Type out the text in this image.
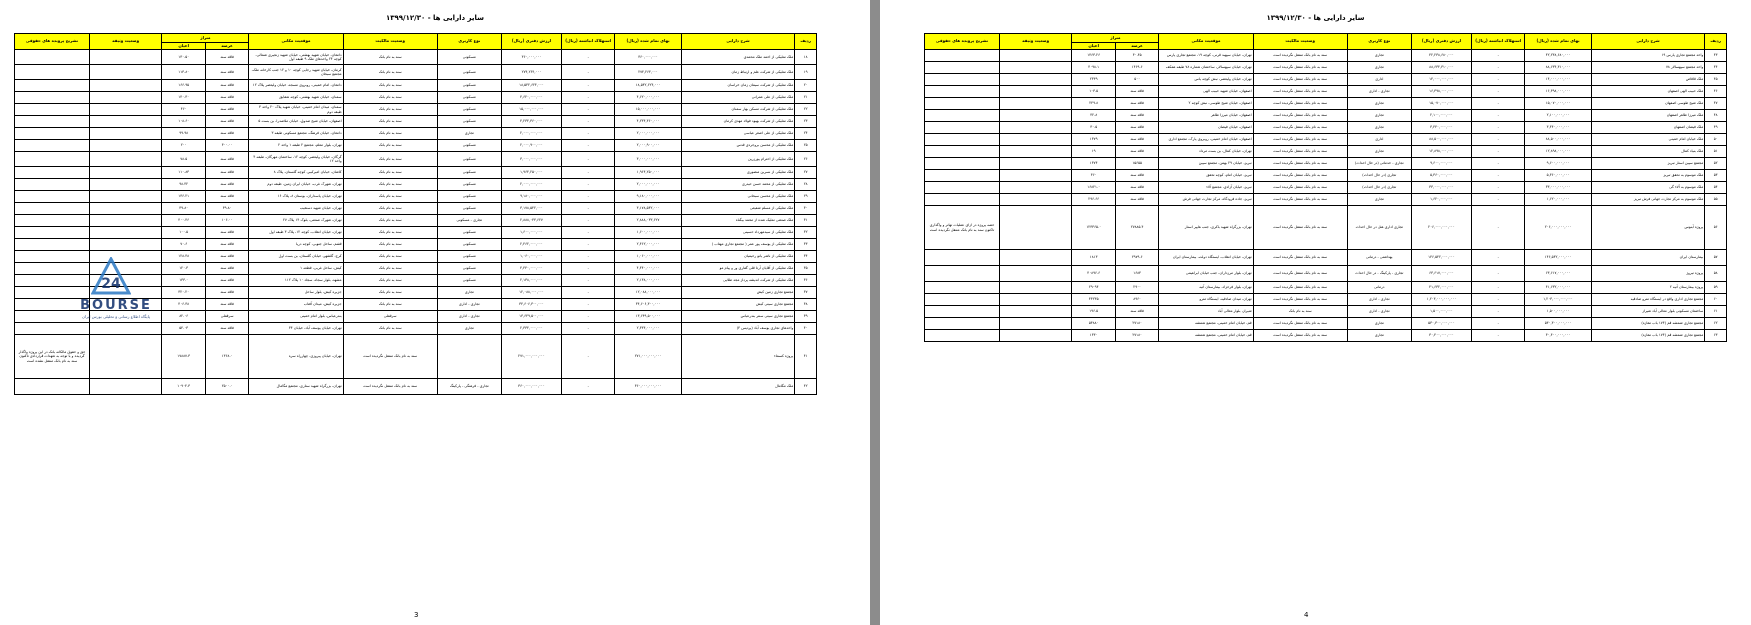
سایر دارایی ها - ۱۳۹۹/۱۲/۳۰
ردیف	شرح دارایی	بهای تمام شده (ریال)	استهلاک انباشته (ریال)	ارزش دفتری (ریال)	نوع کاربری	وضعیت مالکیت	موقعیت مکانی	متراژ		وضعیت وثیقه	تشریح پرونده های حقوقی
								عرصه	اعیان		
۱۸	ملک تملیکی از احمد ملک محمدی	۳۶۰,۰۰۰,۰۰۰	-	۳۶۰,۰۰۰,۰۰۰	مسکونی	سند به نام بانک	دامغان، خیابان شهید بهشتی، خیابان شهید زنجیری شمالی، کوچه ۲۴ واحدهای ملک ۹ طبقه اول	فاقد سند	۱۳۰.۵۰		
۱۹	ملک تملیکی از شرکت علم و ارتباط زمان	۲۷۴,۲۶۴,۰۰۰	-	۲۷۴,۲۶۴,۰۰۰	مسکونی	سند به نام بانک	کرمان، خیابان شهید رجایی کوچه ۱۰ و ۱۲ جنب کارخانه ملک، مجتمع سبحان	فاقد سند	۱۱۳.۸۰		
۲۰	ملک تملیکی از شرکت سیمان زمان خراسان	۱۸,۵۴۲,۶۲۴,۰۰۰	-	۱۸,۵۴۲,۶۲۴,۰۰۰	مسکونی	سند به نام بانک	دامغان، امام خمینی، روبروی مسجد، خیابان ولیعصر پلاک ۱۲	فاقد سند	۱۶۶.۹۵		
۲۱	ملک تملیکی از علی عمرانی	۴,۶۲۰,۰۰۰,۰۰۰	-	۴,۶۲۰,۰۰۰,۰۰۰	مسکونی	سند به نام بانک	سمنان، خیابان شهید بهشتی، کوچه شقایق	فاقد سند	۱۴۰.۳۰		
۲۲	ملک تملیکی از شرکت مسکن بهار سمنان	۱۵,۰۰۰,۰۰۰,۰۰۰	-	۱۵,۰۰۰,۰۰۰,۰۰۰	مسکونی	سند به نام بانک	سمنان، میدان امام خمینی، خیابان شهید پلاک ۲۰ واحد ۳ طبقه دوم	فاقد سند	۴۶۰		
۲۳	ملک تملیکی از شرکت بهبود فولاد مهدی کرمان	۴,۲۳۴,۳۶۰,۰۰۰	-	۴,۲۳۴,۳۶۰,۰۰۰	مسکونی	سند به نام بانک	اصفهان، خیابان شیخ صدوق، خیابان ملاصدرا، بن بست ۵	فاقد سند	۱۰۸.۶۰		
۲۴	ملک تملیکی از علی اصغر عباسی	۲,۰۰۰,۰۰۰,۰۰۰	-	۲,۰۰۰,۰۰۰,۰۰۰	تجاری	سند به نام بانک	دامغان، خیابان فرهنگ، مجتمع مسکونی طبقه ۳	فاقد سند	۹۹.۹۸		
۲۵	ملک تملیکی از محسن بروجردی قدس	۲,۰۰۰,۹۰۰,۰۰۰	-	۲,۰۰۰,۹۰۰,۰۰۰	مسکونی	سند به نام بانک	تهران، بلوار معلم، مجتمع ۲ طبقه ۱ واحد ۲	۳۰۰.۰۰	۲۰۰		
۲۶	ملک تملیکی از احترام پورزرین	۳,۰۰۰,۰۰۰,۰۰۰	-	۳,۰۰۰,۰۰۰,۰۰۰	مسکونی	سند به نام بانک	گرگان، خیابان ولیعصر، کوچه ۱۲، ساختمان مهرگان، طبقه ۴ واحد ۱۲	فاقد سند	۷۸.۵		
۲۷	ملک تملیکی از نسرین منصوری	۱,۹۶۴,۲۵۰,۰۰۰	-	۱,۹۶۴,۲۵۰,۰۰۰	مسکونی	سند به نام بانک	کاشان، خیابان امیرکبیر، کوچه گلستان، پلاک ۸	فاقد سند	۱۱۰.۸۳		
۲۸	ملک تملیکی از محمد حسن حیدری	۲,۰۰۰,۰۰۰,۰۰۰	-	۲,۰۰۰,۰۰۰,۰۰۰	مسکونی	سند به نام بانک	تهران، شهرک غرب، خیابان ایران زمین، طبقه دوم	فاقد سند	۹۸.۴۲		
۲۹	ملک تملیکی از محسن سبحانی	۹,۱۸۰,۰۰۰,۰۰۰	-	۹,۱۸۰,۰۰۰,۰۰۰	مسکونی	سند به نام بانک	تهران، خیابان پاسداران، بوستان ۸، پلاک ۱۶	فاقد سند	۱۳۶.۲۱		
۳۰	ملک تملیکی از مسلم شفیعی	۳,۱۷۸,۵۴۲,۰۰۰	-	۳,۱۷۸,۵۴۲,۰۰۰	مسکونی	سند به نام بانک	تهران، خیابان شهید دستغیب	۳۹.۸۰	۳۹.۸۰		
۳۱	ملک صنعتی تملیک شده از محمد بیگناه	۲,۸۸۸,۰۳۳,۶۲۷	-	۲,۸۸۸,۰۳۳,۶۲۷	تجاری - مسکونی	سند به نام بانک	تهران، شهرک صنعتی، بلوک ۱۴ پلاک ۲۷	۱۰۶.۰۰	۴۰۰.۴۶		
۳۲	ملک تملیکی از سیدمهرداد حسینی	۱,۶۰۰,۰۰۰,۰۰۰	-	۱,۶۰۰,۰۰۰,۰۰۰	مسکونی	سند به نام بانک	تهران، خیابان انقلاب، کوچه ۱۲، پلاک ۳ طبقه اول	فاقد سند	۱۰۰.۵		
۳۳	ملک تملیکی از یوسف پور عمر ( مجتمع تجاری مهتاب )	۲,۴۶۲,۰۰۰,۰۰۰	-	۲,۴۶۲,۰۰۰,۰۰۰	مسکونی	سند به نام بانک	قشم، ساحل جنوبی، کوچه دریا	فاقد سند	۷۰.۶		
۳۴	ملک تملیکی از ناشر یانو رحیمیان	۱,۰۶۰,۰۰۰,۰۰۰	-	۱,۰۶۰,۰۰۰,۰۰۰	مسکونی	سند به نام بانک	کرج، گلشهر، خیابان گلستان، بن بست اول	فاقد سند	۱۲۸.۴۸		
۳۵	ملک تملیکی از آقایان آرتا قلی گفاری ور و پیام مو	۴,۴۴۰,۰۰۰,۰۰۰	-	۴,۴۴۰,۰۰۰,۰۰۰	مسکونی	سند به نام بانک	کیش، ساحل غربی، قطعه ۱	فاقد سند	۱۲۰.۳		
۳۶	ملک تملیکی از شرکت اندیشه پرداز مجد طلایی	۲,۱۳۸,۰۰۰,۰۰۰	-	۲,۱۳۸,۰۰۰,۰۰۰	مسکونی	سند به نام بانک	مشهد، بلوار سجاد، سجاد ۱۰ پلاک ۱۱۲	فاقد سند	۱۳۳.۰		
۳۷	مجتمع تجاری زمین کیش	۱۲,۰۸۸,۰۰۰,۰۰۰	-	۱۲,۰۸۸,۰۰۰,۰۰۰	تجاری	سند به نام بانک	جزیره کیش، بلوار ساحل	فاقد سند	۳۲۰.۲۰		
۳۸	مجتمع تجاری سیتی کیش	۳۴,۶۰۶,۳۰۰,۰۰۰	-	۳۴,۶۰۶,۳۰۰,۰۰۰	تجاری - اداری	سند به نام بانک	جزیره کیش، میدان آفتاب	فاقد سند	۴۰۶.۳۸		
۳۹	مجتمع تجاری سیتی سنتر بندرعباس	۱۳,۶۴۹,۵۰۰,۰۰۰	-	۱۳,۶۴۹,۵۰۰,۰۰۰	تجاری - اداری	سرقفلی	بندرعباس، بلوار امام خمینی	سرقفلی	۸۲.۰۶		
۴۰	واحدهای تجاری یوسف آباد (پردیس ۴)	۲,۳۳۴,۰۰۰,۰۰۰	-	۲,۳۳۴,۰۰۰,۰۰۰	تجاری	سند به نام بانک	تهران، خیابان یوسف آباد، خیابان ۳۴	فاقد سند	۵۴.۰۳		
۴۱	پروژه کسماء	۲۷۱,۰۰۰,۰۰۰,۰۰۰	-	۲۷۱,۰۰۰,۰۰۰,۰۰۰		سند به نام بانک منتقل نگردیده است	تهران، خیابان پیروزی، چهارراه سره	۱۳۶۸.۰	۱۷۸۸۷.۳		حق و حقوق مالکانه بانک در این پروژه واگذار گردیده و با توجه به تعهدات قراردادی تاکنون سند به نام بانک منتقل نشده است
۴۲	ملک مگامال	۳۶۰,۰۰۰,۰۰۰,۰۰۰	-	۳۶۰,۰۰۰,۰۰۰,۰۰۰	تجاری - فرهنگی - پارکینگ	سند به نام بانک منتقل نگردیده است	تهران، بزرگراه شهید ستاری، مجتمع مگامال	۲۵۰۰.۰	۱۰۹۰۴.۳		
3
24
BOURSE
پایگاه اطلاع رسانی و تحلیلی بورس ایران
سایر دارایی ها - ۱۳۹۹/۱۲/۳۰
ردیف	شرح دارایی	بهای تمام شده (ریال)	استهلاک انباشته (ریال)	ارزش دفتری (ریال)	نوع کاربری	وضعیت مالکیت	موقعیت مکانی	متراژ		وضعیت وثیقه	تشریح پرونده های حقوقی
								عرصه	اعیان		
۴۳	واحد مجتمع تجاری پارس ۱۹	۴۲,۲۳۸,۶۸۰,۰۰۰	-	۴۲,۲۳۸,۶۸۰,۰۰۰	تجاری	سند به نام بانک منتقل نگردیده است	تهران، خیابان سپهبد قرنی، کوچه ۱۹، مجتمع تجاری پارس	۳۰.۴۵	۱۴۶۳.۲۶		
۴۴	واحد مجتمع سپهسالار ۷۸	۸۸,۶۳۴,۳۱۰,۰۰۰	-	۸۸,۶۳۴,۳۱۰,۰۰۰	تجاری	سند به نام بانک منتقل نگردیده است	تهران، خیابان سپهسالار، ساختمان شماره ۷۸ طبقه همکف	۱۴۶۹.۶	۴۰۹۸.۱		
۴۵	ملک قاقاص	۱۴,۰۰۰,۰۰۰,۰۰۰	-	۱۴,۰۰۰,۰۰۰,۰۰۰	اداری	سند به نام بانک منتقل نگردیده است	تهران، خیابان ولیعصر، نبش کوچه یاس	۵۰۰	۲۳۳۹		
۴۶	ملک حبیب الهی اصفهان	۱۶,۳۹۸,۰۰۰,۰۰۰	-	۱۶,۳۹۸,۰۰۰,۰۰۰	تجاری - اداری	سند به نام بانک منتقل نگردیده است	اصفهان، خیابان شهید حبیب الهی	فاقد سند	۱۰۳.۵		
۴۷	ملک شیخ طوسی اصفهان	۱۵,۰۷۰,۰۰۰,۰۰۰	-	۱۵,۰۷۰,۰۰۰,۰۰۰	تجاری	سند به نام بانک منتقل نگردیده است	اصفهان، خیابان شیخ طوسی، نبش کوچه ۲	فاقد سند	۲۴۹.۸		
۴۸	ملک میرزا طاهر اصفهان	۲,۱۰۰,۰۰۰,۰۰۰	-	۲,۱۰۰,۰۰۰,۰۰۰	تجاری	سند به نام بانک منتقل نگردیده است	اصفهان، خیابان میرزا طاهر	فاقد سند	۴۲.۸		
۴۹	ملک فیضان اصفهان	۳,۴۴۰,۰۰۰,۰۰۰	-	۳,۴۴۰,۰۰۰,۰۰۰	تجاری	سند به نام بانک منتقل نگردیده است	اصفهان، خیابان فیضان	فاقد سند	۳۰.۵		
۵۰	ملک خیابان امام خمینی	۸۸,۵۰۰,۰۰۰,۰۰۰	-	۸۸,۵۰۰,۰۰۰,۰۰۰	اداری	سند به نام بانک منتقل نگردیده است	اصفهان، خیابان امام خمینی، روبروی پارک، مجتمع اداری	فاقد سند	۱۳۷۹		
۵۱	ملک بنیاد کمال	۱۲,۸۹۸,۰۰۰,۰۰۰	-	۱۲,۸۹۸,۰۰۰,۰۰۰	تجاری	سند به نام بانک منتقل نگردیده است	تهران، خیابان کمال، بن بست مرداد	فاقد سند	۱۹		
۵۲	مجتمع سپین استار تبریز	۹,۶۰۰,۰۰۰,۰۰۰	-	۹,۶۰۰,۰۰۰,۰۰۰	تجاری - خدماتی (در حال احداث)	سند به نام بانک منتقل نگردیده است	تبریز، خیابان ۲۹ بهمن، مجتمع سپین	۱۵۶۵۵	۱۳۷۴		
۵۳	ملک موسوم به تحقق تبریز	۵,۳۶۰,۰۰۰,۰۰۰	-	۵,۳۶۰,۰۰۰,۰۰۰	تجاری (در حال احداث)	سند به نام بانک منتقل نگردیده است	تبریز، خیابان امام، کوچه تحقق	فاقد سند	۳۶۰		
۵۴	ملک موسوم به آلاء گی	۳۳,۰۰۰,۰۰۰,۰۰۰	-	۳۳,۰۰۰,۰۰۰,۰۰۰	تجاری (در حال احداث)	سند به نام بانک منتقل نگردیده است	تبریز، خیابان آزادی، مجتمع آلاء	فاقد سند	۱۶۸۲۱.۰		
۵۵	ملک موسوم به مرکز تجارت جهانی فرش تبریز	۱,۶۲۰,۰۰۰,۰۰۰	-	۱,۶۲۰,۰۰۰,۰۰۰	تجاری	سند به نام بانک منتقل نگردیده است	تبریز، جاده فرودگاه، مرکز تجارت جهانی فرش	فاقد سند	۲۹۶.۶۶		
۵۶	پروژه آبنوس	۲۰۶,۰۰۰,۰۰۰,۰۰۰	-	۲۰۶,۰۰۰,۰۰۰,۰۰۰	تجاری اداری هتل در حال احداث	سند به نام بانک منتقل نگردیده است	تهران، بزرگراه شهید باکری، جنب هایپر استار	۲۷۸۸۵.۴	۱۲۳۳۶۵.۰		حصه پروژه در ازای عملیات تهاتر و واگذاری تاکنون سند به نام بانک منتقل نگردیده است
۵۷	بیمارستان ایران	۱۴۶,۵۴۲,۰۰۰,۰۰۰	-	۱۴۶,۵۴۲,۰۰۰,۰۰۰	بهداشتی - درمانی	سند به نام بانک منتقل نگردیده است	تهران، خیابان انقلاب، ایستگاه دولت، بیمارستان ایران	۲۹۷۹.۶	۱۸۱۳		
۵۸	پروژه تیروژ	۶۳,۶۱۷,۰۰۰,۰۰۰	-	۶۳,۶۱۷,۰۰۰,۰۰۰	تجاری - پارکینگ - در حال احداث	سند به نام بانک منتقل نگردیده است	تهران، بلوار مرزداران، جنب خیابان ابراهیمی	۱۶۸۳	۴۰۸۹۶.۶		
۵۹	پروژه بیمارستان آتیه ۲	۴۱,۶۳۲,۰۰۰,۰۰۰	-	۴۱,۶۳۲,۰۰۰,۰۰۰	درمانی	سند به نام بانک منتقل نگردیده است	تهران، بلوار فرحزاد، بیمارستان آتیه	۲۹۰۰	۲۹۰۹۴		
۶۰	مجتمع تجاری اداری واقع در ایستگاه مترو صادقیه	۱,۲۰۳,۰۰۰,۰۰۰,۰۰۰	-	۱,۲۰۳,۰۰۰,۰۰۰,۰۰۰	تجاری - اداری	سند به نام بانک منتقل نگردیده است	تهران، میدان صادقیه، ایستگاه مترو	۸۹۶۰	۴۳۲۳۵		
۶۱	ساختمان مسکونی بلوار معالی آباد شیراز	۱,۵۰۰,۰۰۰,۰۰۰	-	۱,۵۰۰,۰۰۰,۰۰۰	تجاری - اداری	سند به نام بانک	شیراز، بلوار معالی آباد	فاقد سند	۱۹۶.۵		
۶۲	مجتمع تجاری شمشه قم (۱۷۴ باب مغازه)	۵۳۰,۳۰۰,۰۰۰,۰۰۰	-	۵۳۰,۳۰۰,۰۰۰,۰۰۰	تجاری	سند به نام بانک منتقل نگردیده است	قم، خیابان امام خمینی، مجتمع شمشه	۲۷۱۸۰	۵۳۸۸۰		
۶۳	مجتمع تجاری شمشه قم (۱۷۴ باب مغازه)	۳۰,۴۰۰,۰۰۰,۰۰۰	-	۳۰,۴۰۰,۰۰۰,۰۰۰	تجاری	سند به نام بانک منتقل نگردیده است	قم، خیابان امام خمینی، مجتمع شمشه	۲۷۱۸۰	۱۳۳۰		
4
